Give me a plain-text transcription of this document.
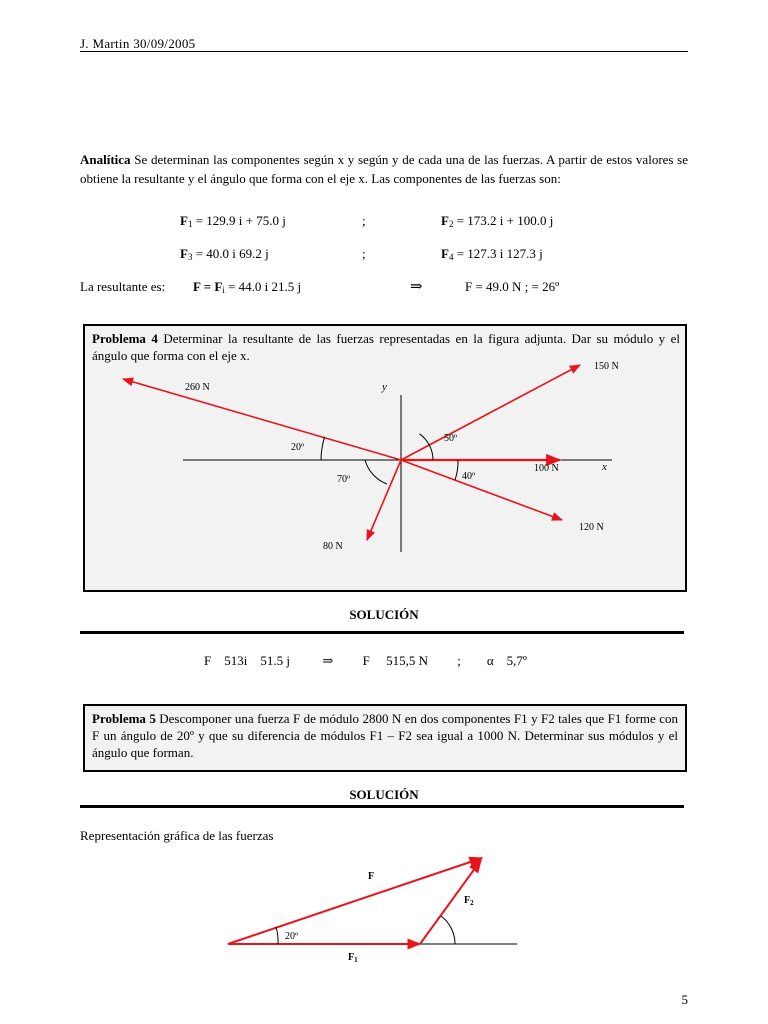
J. Martin 30/09/2005
Analítica Se determinan las componentes según x y según y de cada una de las fuerzas. A partir de estos valores se obtiene la resultante y el ángulo que forma con el eje x. Las componentes de las fuerzas son:
$F_1 = 129.9$ i + 75.0 j	;	$F_2 = 173.2$ i + 100.0 j
$F_3 = 40.0$ i 69.2 j	;	$F_4 = 127.3$ i 127.3 j
La resultante es: $F = F_i = 44.0$ i 21.5 j	⇒	F = 49.0 N ; = 26º
Problema 4 Determinar la resultante de las fuerzas representadas en la figura adjunta. Dar su módulo y el ángulo que forma con el eje x.
260 N
150 N
100 N
120 N
80 N
x
y
20º
50º
70º	40º
SOLUCIÓN
F    513i    51.5 j          ⇒         F     515,5 N         ;        α    5,7º
Problema 5 Descomponer una fuerza F de módulo 2800 N en dos componentes F1 y F2 tales que F1 forme con F un ángulo de 20º y que su diferencia de módulos F1 – F2 sea igual a 1000 N. Determinar sus módulos y el ángulo que forman.
SOLUCIÓN
Representación gráfica de las fuerzas
F
$F_2$
$F_1$
20º
5
